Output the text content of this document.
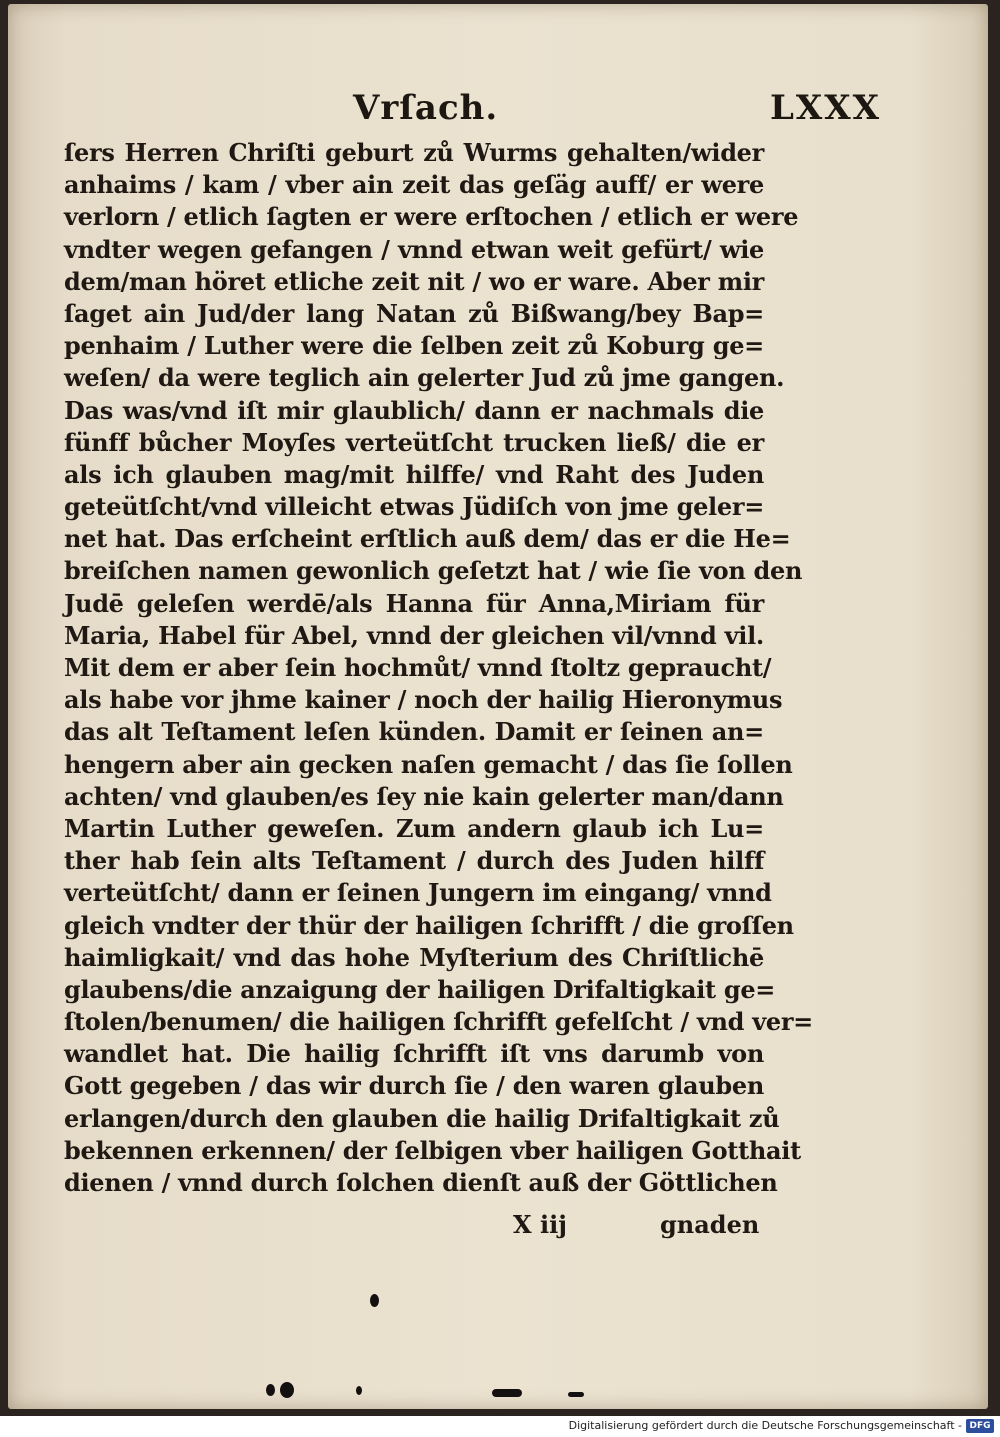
Vrſach.	LXXX
ſers Herren Chriſti geburt zů Wurms gehalten/wider
anhaims / kam / vber ain zeit das geſäg auff/ er were
verlorn / etlich ſagten er were erſtochen / etlich er were
vndter wegen gefangen / vnnd etwan weit gefürt/ wie
dem/man höret etliche zeit nit / wo er ware. Aber mir
ſaget ain Jud/der lang Natan zů Bißwang/bey Bap=
penhaim / Luther were die ſelben zeit zů Koburg ge=
weſen/ da were teglich ain gelerter Jud zů jme gangen.
Das was/vnd iſt mir glaublich/ dann er nachmals die
fünff bůcher Moyſes verteütſcht trucken ließ/ die er
als ich glauben mag/mit hilffe/ vnd Raht des Juden
geteütſcht/vnd villeicht etwas Jüdiſch von jme geler=
net hat. Das erſcheint erſtlich auß dem/ das er die He=
breiſchen namen gewonlich geſetzt hat / wie ſie von den
Judē geleſen werdē/als Hanna für Anna,Miriam für
Maria, Habel für Abel, vnnd der gleichen vil/vnnd vil.
Mit dem er aber ſein hochmůt/ vnnd ſtoltz gepraucht/
als habe vor jhme kainer / noch der hailig Hieronymus
das alt Teſtament leſen künden. Damit er ſeinen an=
hengern aber ain gecken naſen gemacht / das ſie ſollen
achten/ vnd glauben/es ſey nie kain gelerter man/dann
Martin Luther geweſen. Zum andern glaub ich Lu=
ther hab ſein alts Teſtament / durch des Juden hilff
verteütſcht/ dann er ſeinen Jungern im eingang/ vnnd
gleich vndter der thür der hailigen ſchrifft / die groſſen
haimligkait/ vnd das hohe Myſterium des Chriſtlichē
glaubens/die anzaigung der hailigen Drifaltigkait ge=
ſtolen/benumen/ die hailigen ſchrifft gefelſcht / vnd ver=
wandlet hat. Die hailig ſchrifft iſt vns darumb von
Gott gegeben / das wir durch ſie / den waren glauben
erlangen/durch den glauben die hailig Drifaltigkait zů
bekennen erkennen/ der ſelbigen vber hailigen Gotthait
dienen / vnnd durch ſolchen dienſt auß der Göttlichen
X iij	gnaden
Digitalisierung gefördert durch die Deutsche Forschungsgemeinschaft - DFG
